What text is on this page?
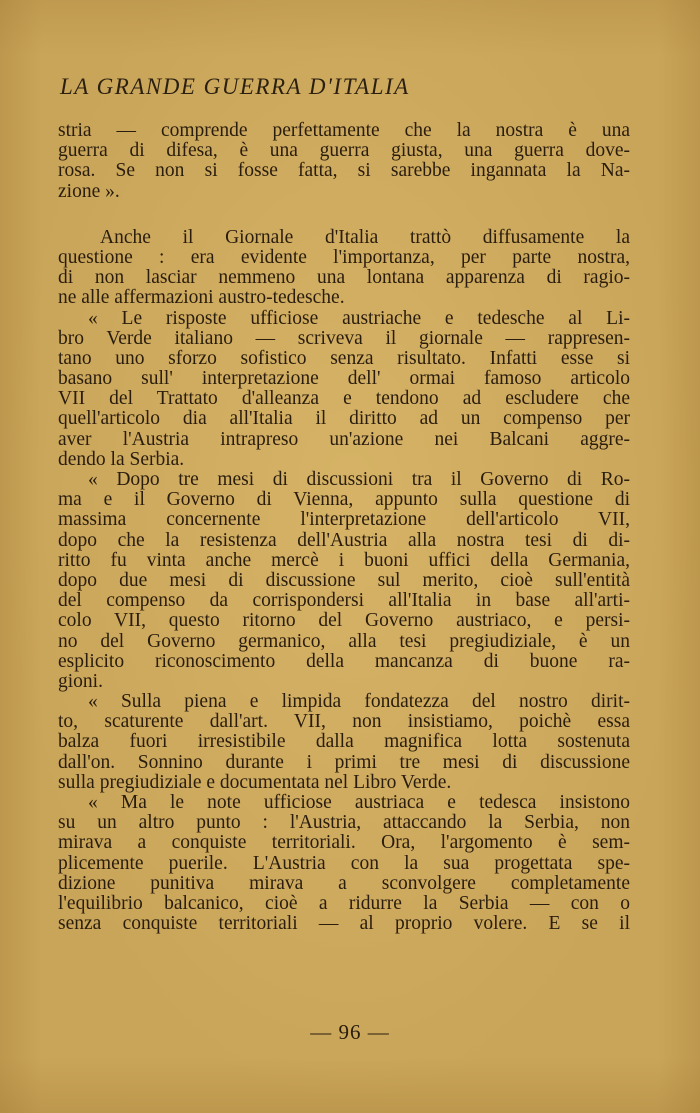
LA GRANDE GUERRA D'ITALIA
stria — comprende perfettamente che la nostra è una
guerra di difesa, è una guerra giusta, una guerra dove-
rosa. Se non si fosse fatta, si sarebbe ingannata la Na-
zione ».
Anche il Giornale d'Italia trattò diffusamente la
questione : era evidente l'importanza, per parte nostra,
di non lasciar nemmeno una lontana apparenza di ragio-
ne alle affermazioni austro-tedesche.
« Le risposte ufficiose austriache e tedesche al Li-
bro Verde italiano — scriveva il giornale — rappresen-
tano uno sforzo sofistico senza risultato. Infatti esse si
basano sull' interpretazione dell' ormai famoso articolo
VII del Trattato d'alleanza e tendono ad escludere che
quell'articolo dia all'Italia il diritto ad un compenso per
aver l'Austria intrapreso un'azione nei Balcani aggre-
dendo la Serbia.
« Dopo tre mesi di discussioni tra il Governo di Ro-
ma e il Governo di Vienna, appunto sulla questione di
massima concernente l'interpretazione dell'articolo VII,
dopo che la resistenza dell'Austria alla nostra tesi di di-
ritto fu vinta anche mercè i buoni uffici della Germania,
dopo due mesi di discussione sul merito, cioè sull'entità
del compenso da corrispondersi all'Italia in base all'arti-
colo VII, questo ritorno del Governo austriaco, e persi-
no del Governo germanico, alla tesi pregiudiziale, è un
esplicito riconoscimento della mancanza di buone ra-
gioni.
« Sulla piena e limpida fondatezza del nostro dirit-
to, scaturente dall'art. VII, non insistiamo, poichè essa
balza fuori irresistibile dalla magnifica lotta sostenuta
dall'on. Sonnino durante i primi tre mesi di discussione
sulla pregiudiziale e documentata nel Libro Verde.
« Ma le note ufficiose austriaca e tedesca insistono
su un altro punto : l'Austria, attaccando la Serbia, non
mirava a conquiste territoriali. Ora, l'argomento è sem-
plicemente puerile. L'Austria con la sua progettata spe-
dizione punitiva mirava a sconvolgere completamente
l'equilibrio balcanico, cioè a ridurre la Serbia — con o
senza conquiste territoriali — al proprio volere. E se il
— 96 —
